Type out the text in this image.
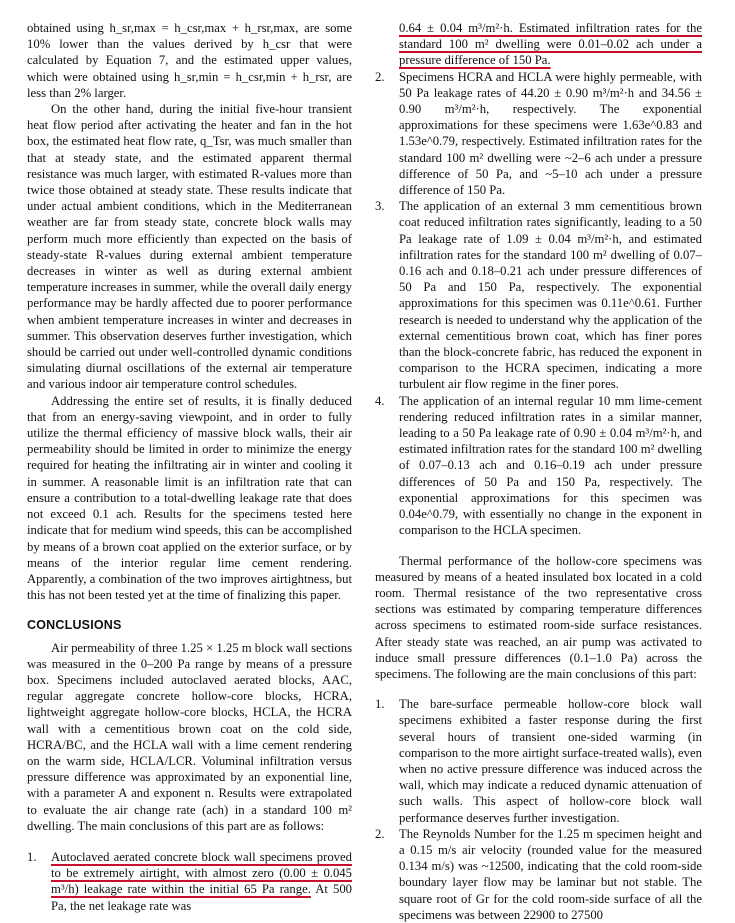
obtained using h_sr,max = h_csr,max + h_rsr,max, are some 10% lower than the values derived by h_csr that were calculated by Equation 7, and the estimated upper values, which were obtained using h_sr,min = h_csr,min + h_rsr, are less than 2% larger.

On the other hand, during the initial five-hour transient heat flow period after activating the heater and fan in the hot box, the estimated heat flow rate, q_Tsr, was much smaller than that at steady state, and the estimated apparent thermal resistance was much larger, with estimated R-values more than twice those obtained at steady state. These results indicate that under actual ambient conditions, which in the Mediterranean weather are far from steady state, concrete block walls may perform much more efficiently than expected on the basis of steady-state R-values during external ambient temperature decreases in winter as well as during external ambient temperature increases in summer, while the overall daily energy performance may be hardly affected due to poorer performance when ambient temperature increases in winter and decreases in summer. This observation deserves further investigation, which should be carried out under well-controlled dynamic conditions simulating diurnal oscillations of the external air temperature and various indoor air temperature control schedules.

Addressing the entire set of results, it is finally deduced that from an energy-saving viewpoint, and in order to fully utilize the thermal efficiency of massive block walls, their air permeability should be limited in order to minimize the energy required for heating the infiltrating air in winter and cooling it in summer. A reasonable limit is an infiltration rate that can ensure a contribution to a total-dwelling leakage rate that does not exceed 0.1 ach. Results for the specimens tested here indicate that for medium wind speeds, this can be accomplished by means of a brown coat applied on the exterior surface, or by means of the interior regular lime cement rendering. Apparently, a combination of the two improves airtightness, but this has not been tested yet at the time of finalizing this paper.

CONCLUSIONS

Air permeability of three 1.25 × 1.25 m block wall sections was measured in the 0–200 Pa range by means of a pressure box. Specimens included autoclaved aerated blocks, AAC, regular aggregate concrete hollow-core blocks, HCRA, lightweight aggregate hollow-core blocks, HCLA, the HCRA wall with a cementitious brown coat on the cold side, HCRA/BC, and the HCLA wall with a lime cement rendering on the warm side, HCLA/LCR. Voluminal infiltration versus pressure difference was approximated by an exponential line, with a parameter A and exponent n. Results were extrapolated to evaluate the air change rate (ach) in a standard 100 m² dwelling. The main conclusions of this part are as follows:

1. Autoclaved aerated concrete block wall specimens proved to be extremely airtight, with almost zero (0.00 ± 0.045 m³/h) leakage rate within the initial 65 Pa range. At 500 Pa, the net leakage rate was
0.64 ± 0.04 m³/m²·h. Estimated infiltration rates for the standard 100 m² dwelling were 0.01–0.02 ach under a pressure difference of 150 Pa.
2. Specimens HCRA and HCLA were highly permeable, with 50 Pa leakage rates of 44.20 ± 0.90 m³/m²·h and 34.56 ± 0.90 m³/m²·h, respectively. The exponential approximations for these specimens were 1.63e^0.83 and 1.53e^0.79, respectively. Estimated infiltration rates for the standard 100 m² dwelling were ~2–6 ach under a pressure difference of 50 Pa, and ~5–10 ach under a pressure difference of 150 Pa.
3. The application of an external 3 mm cementitious brown coat reduced infiltration rates significantly, leading to a 50 Pa leakage rate of 1.09 ± 0.04 m³/m²·h, and estimated infiltration rates for the standard 100 m² dwelling of 0.07–0.16 ach and 0.18–0.21 ach under pressure differences of 50 Pa and 150 Pa, respectively. The exponential approximations for this specimen was 0.11e^0.61. Further research is needed to understand why the application of the external cementitious brown coat, which has finer pores than the block-concrete fabric, has reduced the exponent in comparison to the HCRA specimen, indicating a more turbulent air flow regime in the finer pores.
4. The application of an internal regular 10 mm lime-cement rendering reduced infiltration rates in a similar manner, leading to a 50 Pa leakage rate of 0.90 ± 0.04 m³/m²·h, and estimated infiltration rates for the standard 100 m² dwelling of 0.07–0.13 ach and 0.16–0.19 ach under pressure differences of 50 Pa and 150 Pa, respectively. The exponential approximations for this specimen was 0.04e^0.79, with essentially no change in the exponent in comparison to the HCLA specimen.

Thermal performance of the hollow-core specimens was measured by means of a heated insulated box located in a cold room. Thermal resistance of the two representative cross sections was estimated by comparing temperature differences across specimens to estimated room-side surface resistances. After steady state was reached, an air pump was activated to induce small pressure differences (0.1–1.0 Pa) across the specimens. The following are the main conclusions of this part:

1. The bare-surface permeable hollow-core block wall specimens exhibited a faster response during the first several hours of transient one-sided warming (in comparison to the more airtight surface-treated walls), even when no active pressure difference was induced across the wall, which may indicate a reduced dynamic attenuation of such walls. This aspect of hollow-core block wall performance deserves further investigation.
2. The Reynolds Number for the 1.25 m specimen height and a 0.15 m/s air velocity (rounded value for the measured 0.134 m/s) was ~12500, indicating that the cold room-side boundary layer flow may be laminar but not stable. The square root of Gr for the cold room-side surface of all the specimens was between 22900 to 27500
